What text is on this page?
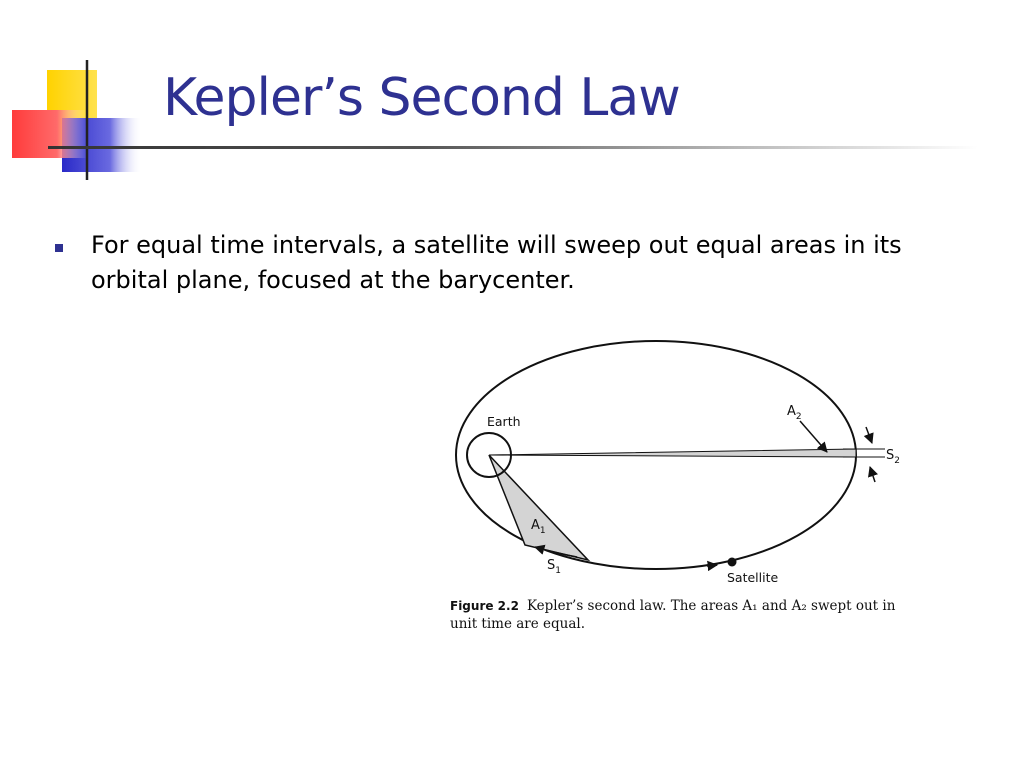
Kepler’s Second Law
For equal time intervals, a satellite will sweep out equal areas in its orbital plane, focused at the barycenter.
Earth
$A_2$
$S_2$
$A_1$
$S_1$	Satellite
Figure 2.2 Kepler’s second law. The areas A₁ and A₂ swept out in unit time are equal.
